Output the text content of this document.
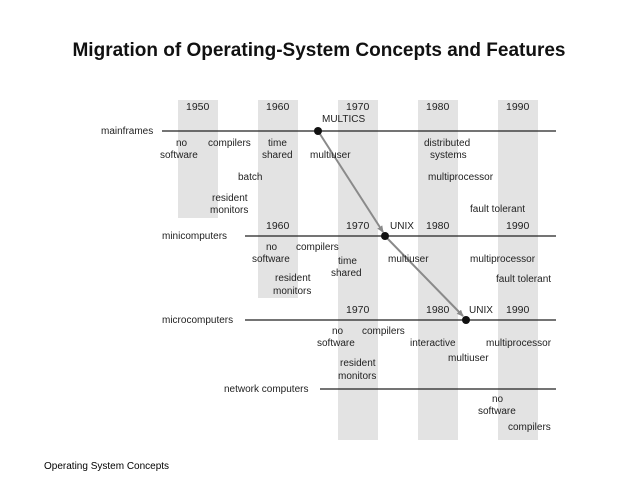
Migration of Operating-System Concepts and Features
1950	1960	1970	1980	1990
mainframes
minicomputers
microcomputers
network computers
MULTICS
no
software
compilers time
shared multiuser
batch
resident
monitors
distributed
systems
multiprocessor
fault tolerant
1960	1970 UNIX 1980	1990
no
software
compilers
time
shared
resident
monitors
multiuser	multiprocessor
fault tolerant
1970	1980 UNIX 1990
no
software
compilers
resident
monitors
interactive
multiuser
multiprocessor
no
software
compilers
Operating System Concepts
